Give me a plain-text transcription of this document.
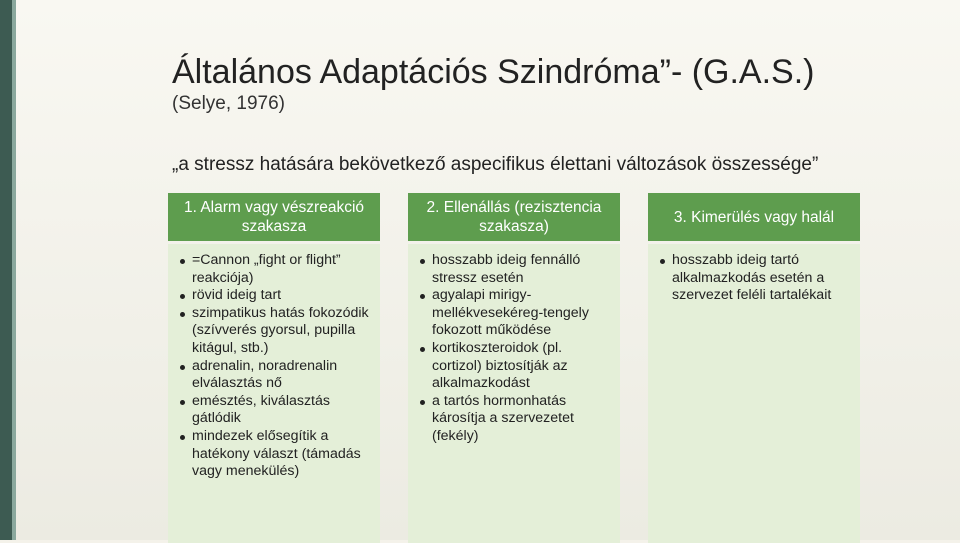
Általános Adaptációs Szindróma”- (G.A.S.)
(Selye, 1976)
„a stressz hatására bekövetkező aspecifikus élettani változások összessége”
1. Alarm vagy vészreakció szakasza
=Cannon „fight or flight” reakciója)
rövid ideig tart
szimpatikus hatás fokozódik (szívverés gyorsul, pupilla kitágul, stb.)
adrenalin, noradrenalin elválasztás nő
emésztés, kiválasztás gátlódik
mindezek elősegítik a hatékony választ (támadás vagy menekülés)
2. Ellenállás (rezisztencia szakasza)
hosszabb ideig fennálló stressz esetén
agyalapi mirigy-mellékvesekéreg-tengely fokozott működése
kortikoszteroidok (pl. cortizol) biztosítják az alkalmazkodást
a tartós hormonhatás károsítja a szervezetet (fekély)
3. Kimerülés vagy halál
hosszabb ideig tartó alkalmazkodás esetén a szervezet feléli tartalékait
